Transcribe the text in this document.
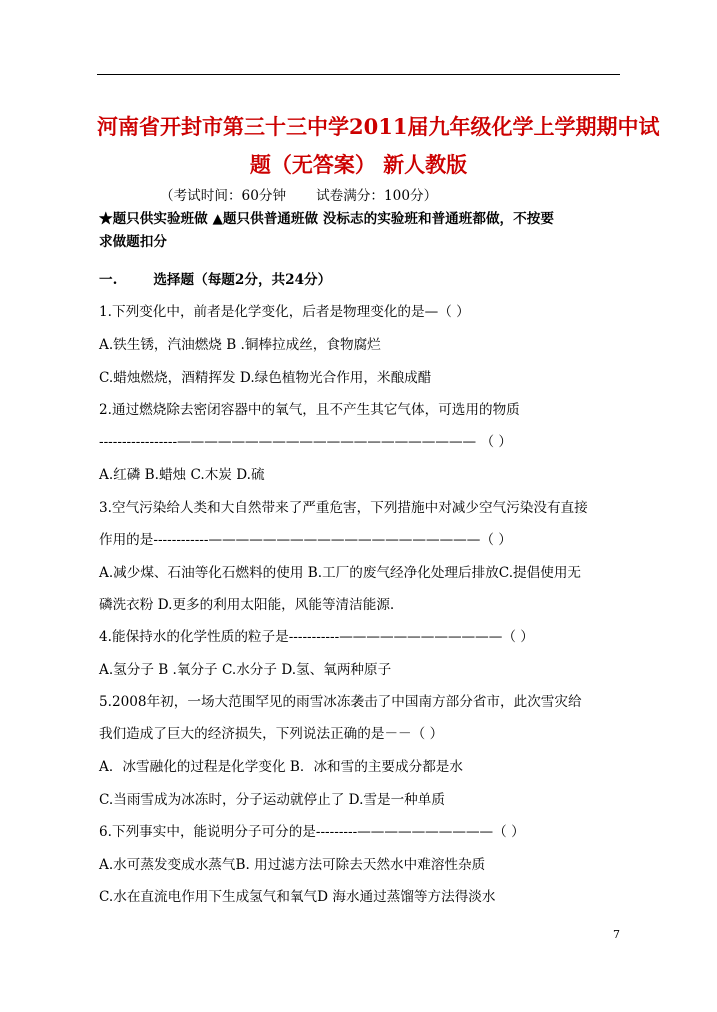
河南省开封市第三十三中学2011届九年级化学上学期期中试
题（无答案） 新人教版
（考试时间：60分钟 试卷满分：100分）
★题只供实验班做 ▲题只供普通班做 没标志的实验班和普通班都做，不按要
求做题扣分
一.	选择题（每题2分，共24分）
1.下列变化中，前者是化学变化，后者是物理变化的是—（ ）
A.铁生锈，汽油燃烧 B .铜棒拉成丝，食物腐烂
C.蜡烛燃烧，酒精挥发 D.绿色植物光合作用，米酿成醋
2.通过燃烧除去密闭容器中的氧气，且不产生其它气体，可选用的物质
-----------------—————————————————————— （ ）
A.红磷 B.蜡烛 C.木炭 D.硫
3.空气污染给人类和大自然带来了严重危害，下列措施中对减少空气污染没有直接
作用的是------------————————————————————（ ）
A.减少煤、石油等化石燃料的使用 B.工厂的废气经净化处理后排放C.提倡使用无
磷洗衣粉 D.更多的利用太阳能，风能等清洁能源.
4.能保持水的化学性质的粒子是-----------————————————（ ）
A.氢分子 B .氧分子 C.水分子 D.氢、氧两种原子
5.2008年初，一场大范围罕见的雨雪冰冻袭击了中国南方部分省市，此次雪灾给
我们造成了巨大的经济损失，下列说法正确的是－－（ ）
A．冰雪融化的过程是化学变化 B．冰和雪的主要成分都是水
C.当雨雪成为冰冻时，分子运动就停止了 D.雪是一种单质
6.下列事实中，能说明分子可分的是---------——————————（ ）
A.水可蒸发变成水蒸气B. 用过滤方法可除去天然水中难溶性杂质
C.水在直流电作用下生成氢气和氧气D 海水通过蒸馏等方法得淡水
7
